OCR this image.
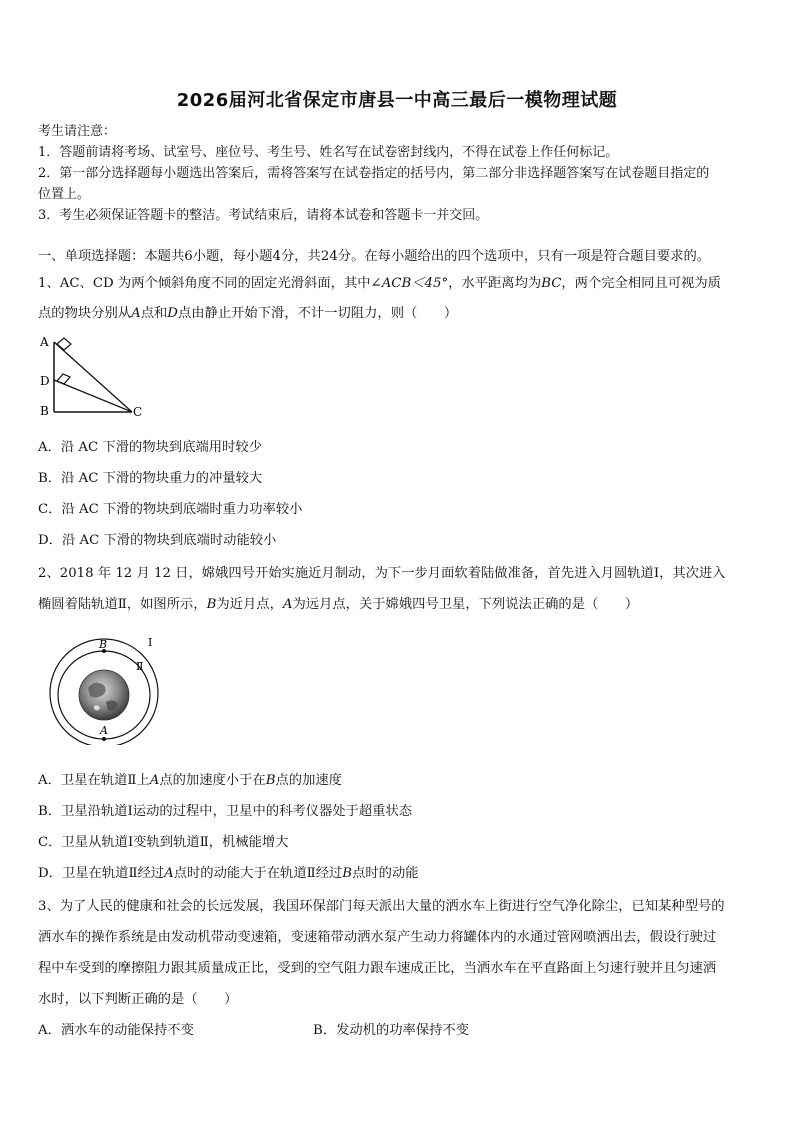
2026届河北省保定市唐县一中高三最后一模物理试题
考生请注意：
1．答题前请将考场、试室号、座位号、考生号、姓名写在试卷密封线内，不得在试卷上作任何标记。
2．第一部分选择题每小题选出答案后，需将答案写在试卷指定的括号内，第二部分非选择题答案写在试卷题目指定的
位置上。
3．考生必须保证答题卡的整洁。考试结束后，请将本试卷和答题卡一并交回。
一、单项选择题：本题共6小题，每小题4分，共24分。在每小题给出的四个选项中，只有一项是符合题目要求的。
1、AC、CD 为两个倾斜角度不同的固定光滑斜面，其中∠ACB＜45°，水平距离均为BC，两个完全相同且可视为质
点的物块分别从A点和D点由静止开始下滑，不计一切阻力，则（　　）
A
D
B	C
A．沿 AC 下滑的物块到底端用时较少
B．沿 AC 下滑的物块重力的冲量较大
C．沿 AC 下滑的物块到底端时重力功率较小
D．沿 AC 下滑的物块到底端时动能较小
2、2018 年 12 月 12 日，嫦娥四号开始实施近月制动，为下一步月面软着陆做准备，首先进入月圆轨道Ⅰ，其次进入
椭圆着陆轨道Ⅱ，如图所示，B为近月点，A为远月点，关于嫦娥四号卫星，下列说法正确的是（　　）
B
A
Ⅰ
Ⅱ
A．卫星在轨道Ⅱ上A点的加速度小于在B点的加速度
B．卫星沿轨道Ⅰ运动的过程中，卫星中的科考仪器处于超重状态
C．卫星从轨道Ⅰ变轨到轨道Ⅱ，机械能增大
D．卫星在轨道Ⅱ经过A点时的动能大于在轨道Ⅱ经过B点时的动能
3、为了人民的健康和社会的长远发展，我国环保部门每天派出大量的洒水车上街进行空气净化除尘，已知某种型号的
洒水车的操作系统是由发动机带动变速箱，变速箱带动洒水泵产生动力将罐体内的水通过管网喷洒出去，假设行驶过
程中车受到的摩擦阻力跟其质量成正比，受到的空气阻力跟车速成正比，当洒水车在平直路面上匀速行驶并且匀速洒
水时，以下判断正确的是（　　）
A．洒水车的动能保持不变	B．发动机的功率保持不变
